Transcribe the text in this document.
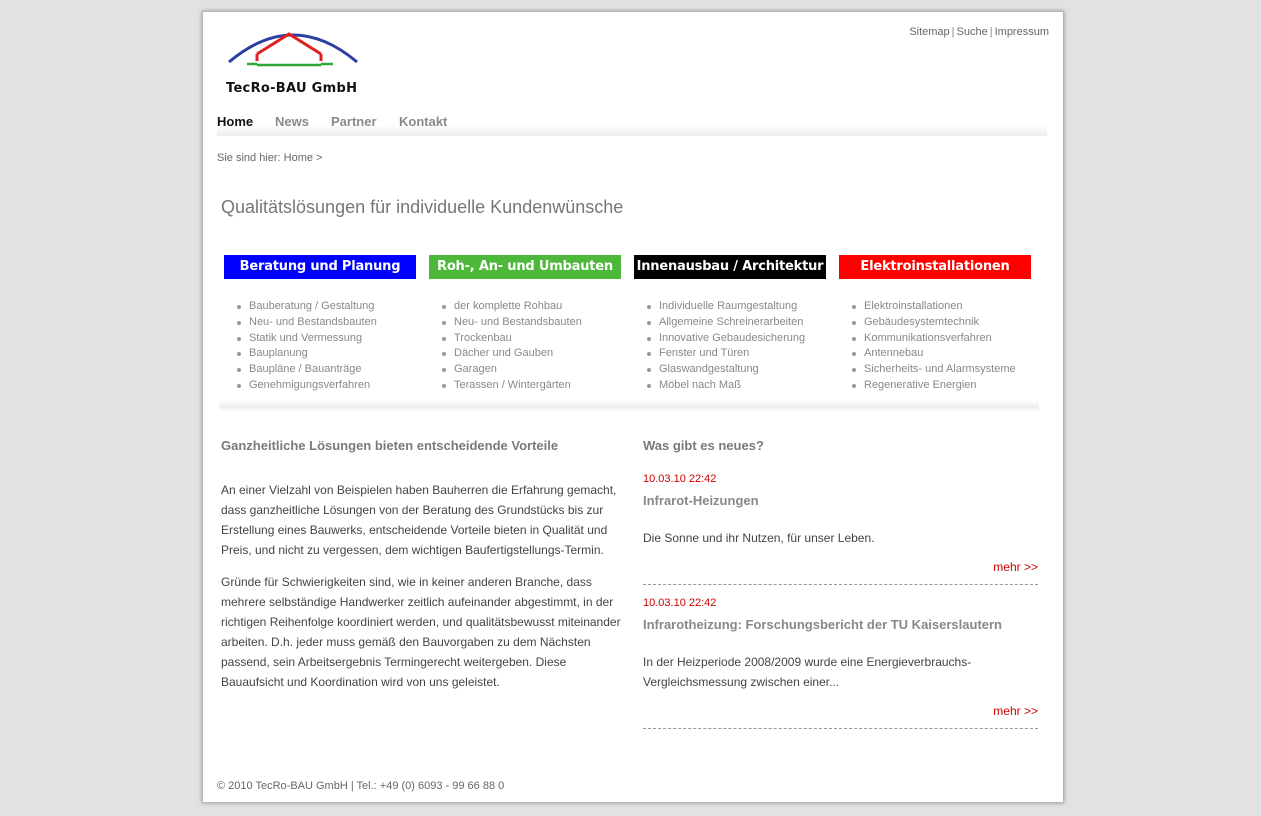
TecRo-BAU GmbH
Sitemap | Suche | Impressum
Home News Partner Kontakt
Sie sind hier: Home >
Qualitätslösungen für individuelle Kundenwünsche
Beratung und Planung
Bauberatung / Gestaltung
Neu- und Bestandsbauten
Statik und Vermessung
Bauplanung
Baupläne / Bauanträge
Genehmigungsverfahren
Roh-, An- und Umbauten
der komplette Rohbau
Neu- und Bestandsbauten
Trockenbau
Dächer und Gauben
Garagen
Terassen / Wintergärten
Innenausbau / Architektur
Individuelle Raumgestaltung
Allgemeine Schreinerarbeiten
Innovative Gebaudesicherung
Fenster und Türen
Glaswandgestaltung
Möbel nach Maß
Elektroinstallationen
Elektroinstallationen
Gebäudesystemtechnik
Kommunikationsverfahren
Antennebau
Sicherheits- und Alarmsysteme
Regenerative Energien
Ganzheitliche Lösungen bieten entscheidende Vorteile

An einer Vielzahl von Beispielen haben Bauherren die Erfahrung gemacht, dass ganzheitliche Lösungen von der Beratung des Grundstücks bis zur Erstellung eines Bauwerks, entscheidende Vorteile bieten in Qualität und Preis, und nicht zu vergessen, dem wichtigen Baufertigstellungs-Termin.

Gründe für Schwierigkeiten sind, wie in keiner anderen Branche, dass mehrere selbständige Handwerker zeitlich aufeinander abgestimmt, in der richtigen Reihenfolge koordiniert werden, und qualitätsbewusst miteinander arbeiten. D.h. jeder muss gemäß den Bauvorgaben zu dem Nächsten passend, sein Arbeitsergebnis Termingerecht weitergeben. Diese Bauaufsicht und Koordination wird von uns geleistet.

Was gibt es neues?
10.03.10 22:42
Infrarot-Heizungen
Die Sonne und ihr Nutzen, für unser Leben.
mehr >>
10.03.10 22:42
Infrarotheizung: Forschungsbericht der TU Kaiserslautern
In der Heizperiode 2008/2009 wurde eine Energieverbrauchs-Vergleichsmessung zwischen einer...
mehr >>
© 2010 TecRo-BAU GmbH | Tel.: +49 (0) 6093 - 99 66 88 0
